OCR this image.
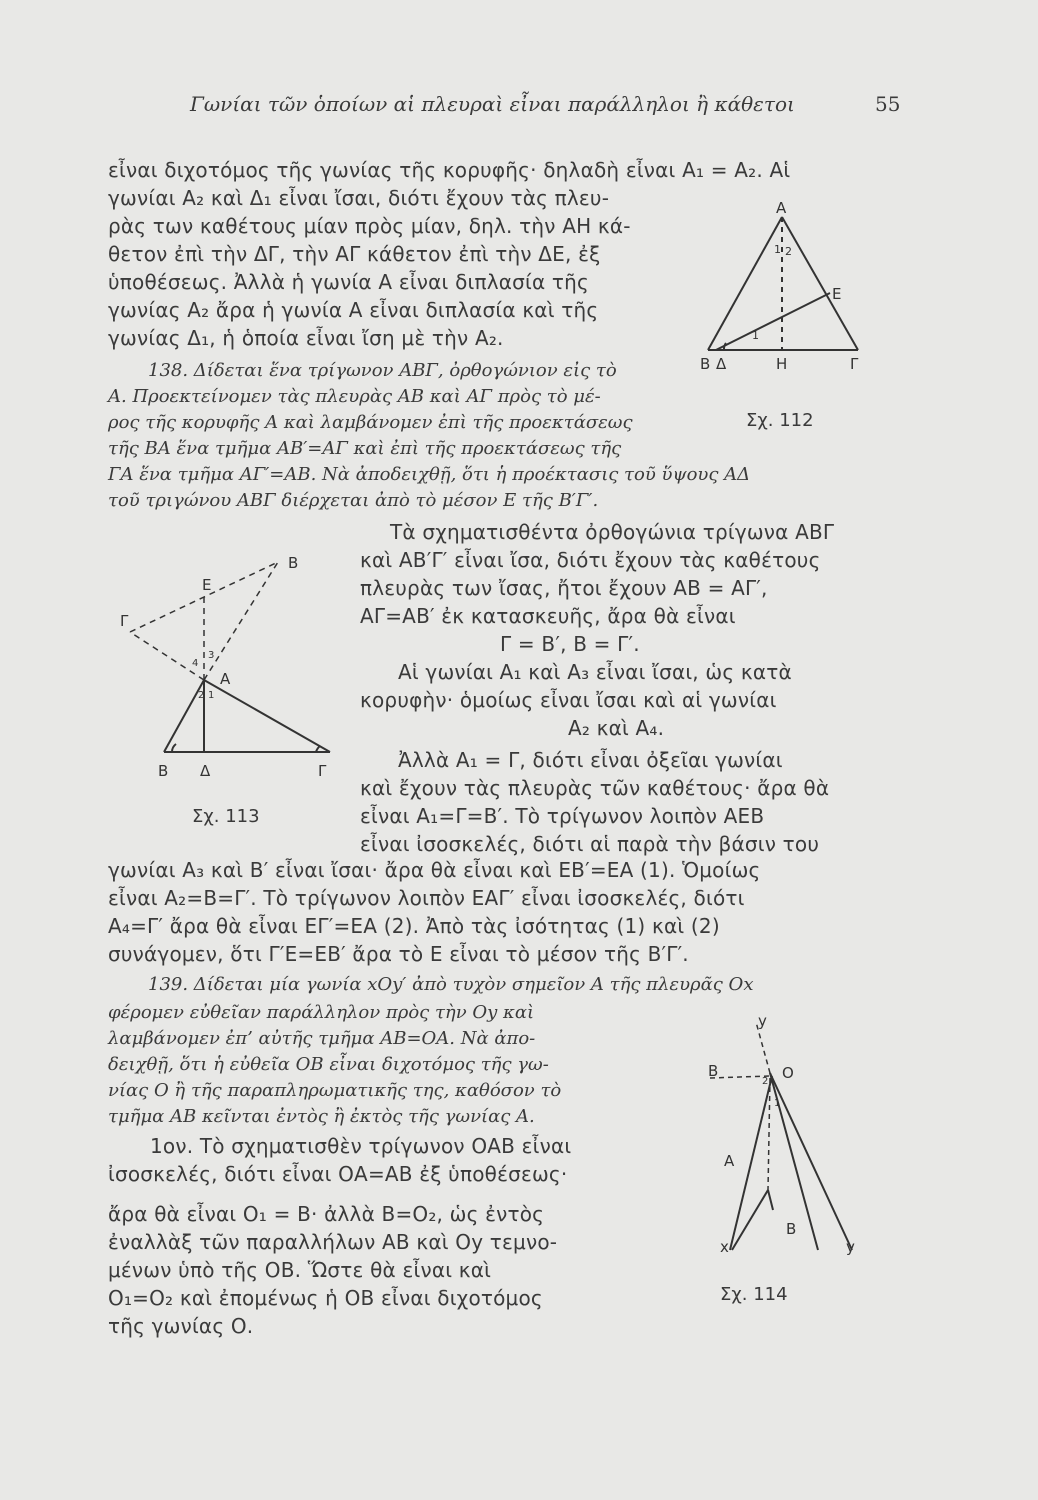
Γωνίαι τῶν ὁποίων αἱ πλευραὶ εἶναι παράλληλοι ἢ κάθετοι	55
εἶναι διχοτόμος τῆς γωνίας τῆς κορυφῆς· δηλαδὴ εἶναι Α₁ = Α₂. Αἱ
γωνίαι Α₂ καὶ Δ₁ εἶναι ἴσαι, διότι ἔχουν τὰς πλευ-
ρὰς των καθέτους μίαν πρὸς μίαν, δηλ. τὴν ΑΗ κά-
θετον ἐπὶ τὴν ΔΓ, τὴν ΑΓ κάθετον ἐπὶ τὴν ΔΕ, ἐξ
ὑποθέσεως. Ἀλλὰ ἡ γωνία Α εἶναι διπλασία τῆς
γωνίας Α₂ ἄρα ἡ γωνία Α εἶναι διπλασία καὶ τῆς
γωνίας Δ₁, ἡ ὁποία εἶναι ἴση μὲ τὴν Α₂.
138. Δίδεται ἕνα τρίγωνον ΑΒΓ, ὀρθογώνιον εἰς τὸ
Α. Προεκτείνομεν τὰς πλευρὰς ΑΒ καὶ ΑΓ πρὸς τὸ μέ-
ρος τῆς κορυφῆς Α καὶ λαμβάνομεν ἐπὶ τῆς προεκτάσεως
τῆς ΒΑ ἕνα τμῆμα ΑΒ′=ΑΓ καὶ ἐπὶ τῆς προεκτάσεως τῆς
ΓΑ ἕνα τμῆμα ΑΓ′=ΑΒ. Νὰ ἀποδειχθῇ, ὅτι ἡ προέκτασις τοῦ ὕψους ΑΔ
τοῦ τριγώνου ΑΒΓ διέρχεται ἀπὸ τὸ μέσον Ε τῆς Β′Γ′.
A
E
B Δ	H	Γ
1 2
1
Σχ. 112
Τὰ σχηματισθέντα ὀρθογώνια τρίγωνα ΑΒΓ
καὶ ΑΒ′Γ′ εἶναι ἴσα, διότι ἔχουν τὰς καθέτους
πλευρὰς των ἴσας, ἤτοι ἔχουν ΑΒ = ΑΓ′,
ΑΓ=ΑΒ′ ἐκ κατασκευῆς, ἄρα θὰ εἶναι
Γ = Β′, Β = Γ′.
Αἱ γωνίαι Α₁ καὶ Α₃ εἶναι ἴσαι, ὡς κατὰ
κορυφὴν· ὁμοίως εἶναι ἴσαι καὶ αἱ γωνίαι
Α₂ καὶ Α₄.
Ἀλλὰ Α₁ = Γ, διότι εἶναι ὀξεῖαι γωνίαι
καὶ ἔχουν τὰς πλευρὰς τῶν καθέτους· ἄρα θὰ
εἶναι Α₁=Γ=Β′. Τὸ τρίγωνον λοιπὸν ΑΕΒ
εἶναι ἰσοσκελές, διότι αἱ παρὰ τὴν βάσιν του
B
E
Γ
A
B Δ	Γ
1
2
3
4
Σχ. 113
γωνίαι Α₃ καὶ Β′ εἶναι ἴσαι· ἄρα θὰ εἶναι καὶ ΕΒ′=ΕΑ (1). Ὁμοίως
εἶναι Α₂=Β=Γ′. Τὸ τρίγωνον λοιπὸν ΕΑΓ′ εἶναι ἰσοσκελές, διότι
Α₄=Γ′ ἄρα θὰ εἶναι ΕΓ′=ΕΑ (2). Ἀπὸ τὰς ἰσότητας (1) καὶ (2)
συνάγομεν, ὅτι Γ′Ε=ΕΒ′ ἄρα τὸ Ε εἶναι τὸ μέσον τῆς Β′Γ′.
139. Δίδεται μία γωνία xOy′ ἀπὸ τυχὸν σημεῖον Α τῆς πλευρᾶς Ox
φέρομεν εὐθεῖαν παράλληλον πρὸς τὴν Oy καὶ
λαμβάνομεν ἐπ’ αὐτῆς τμῆμα ΑΒ=ΟΑ. Νὰ ἀπο-
δειχθῇ, ὅτι ἡ εὐθεῖα ΟΒ εἶναι διχοτόμος τῆς γω-
νίας Ο ἢ τῆς παραπληρωματικῆς της, καθόσον τὸ
τμῆμα ΑΒ κεῖνται ἐντὸς ἢ ἐκτὸς τῆς γωνίας Α.
y
B	O
1
2
A
B
x	y
Σχ. 114
1ον. Τὸ σχηματισθὲν τρίγωνον ΟΑΒ εἶναι
ἰσοσκελές, διότι εἶναι ΟΑ=ΑΒ ἐξ ὑποθέσεως·
ἄρα θὰ εἶναι Ο₁ = Β· ἀλλὰ Β=Ο₂, ὡς ἐντὸς
ἐναλλὰξ τῶν παραλλήλων ΑΒ καὶ Οy τεμνο-
μένων ὑπὸ τῆς ΟΒ. Ὥστε θὰ εἶναι καὶ
Ο₁=Ο₂ καὶ ἐπομένως ἡ ΟΒ εἶναι διχοτόμος
τῆς γωνίας Ο.
